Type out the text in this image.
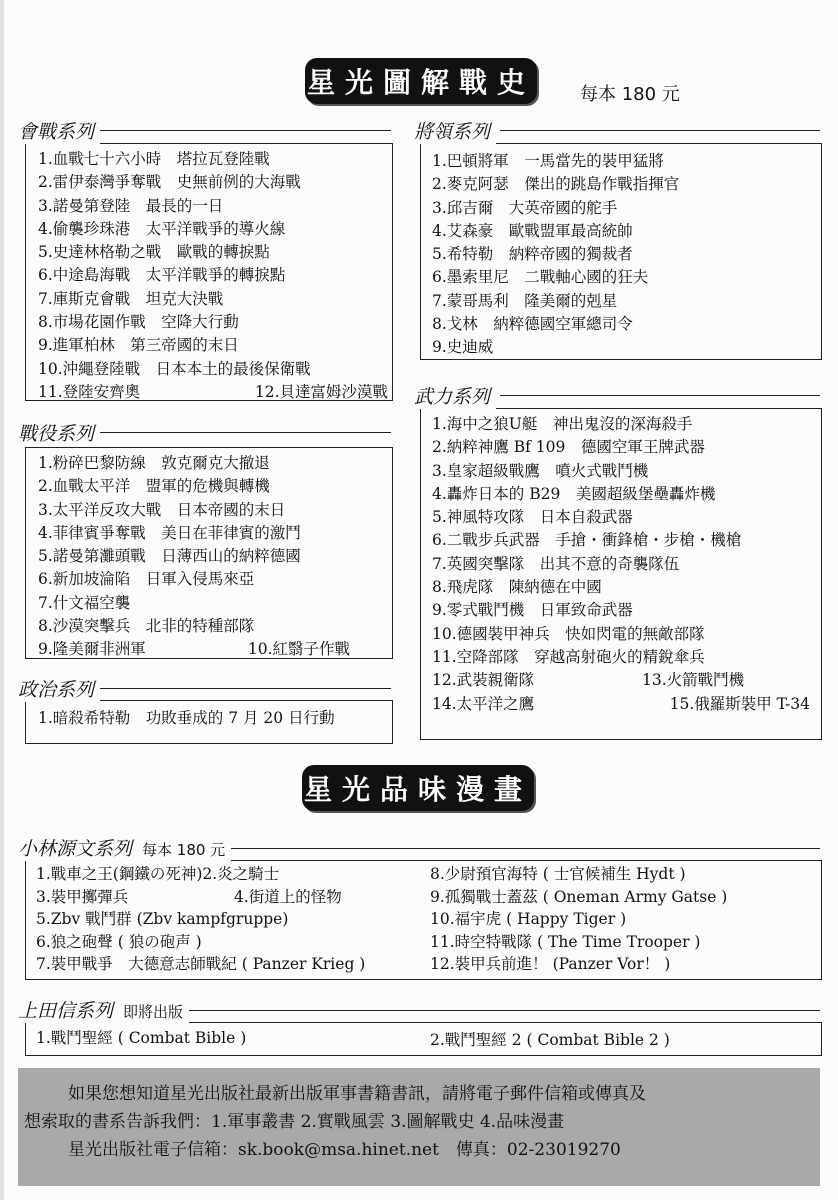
星光圖解戰史	每本 180 元
會戰系列
1.血戰七十六小時　塔拉瓦登陸戰
2.雷伊泰灣爭奪戰　史無前例的大海戰
3.諾曼第登陸　最長的一日
4.偷襲珍珠港　太平洋戰爭的導火線
5.史達林格勒之戰　歐戰的轉捩點
6.中途島海戰　太平洋戰爭的轉捩點
7.庫斯克會戰　坦克大決戰
8.市場花園作戰　空降大行動
9.進軍柏林　第三帝國的末日
10.沖繩登陸戰　日本本土的最後保衛戰
11.登陸安齊奧	12.貝達富姆沙漠戰
戰役系列
1.粉碎巴黎防線　敦克爾克大撤退
2.血戰太平洋　盟軍的危機與轉機
3.太平洋反攻大戰　日本帝國的末日
4.菲律賓爭奪戰　美日在菲律賓的激鬥
5.諾曼第灘頭戰　日薄西山的納粹德國
6.新加坡淪陷　日軍入侵馬來亞
7.什文福空襲
8.沙漠突擊兵　北非的特種部隊
9.隆美爾非洲軍	10.紅翳子作戰
政治系列
1.暗殺希特勒　功敗垂成的 7 月 20 日行動
將領系列
1.巴頓將軍　一馬當先的裝甲猛將
2.麥克阿瑟　傑出的跳島作戰指揮官
3.邱吉爾　大英帝國的舵手
4.艾森豪　歐戰盟軍最高統帥
5.希特勒　納粹帝國的獨裁者
6.墨索里尼　二戰軸心國的狂夫
7.蒙哥馬利　隆美爾的剋星
8.戈林　納粹德國空軍總司令
9.史迪威
武力系列
1.海中之狼U艇　神出鬼沒的深海殺手
2.納粹神鷹 Bf 109　德國空軍王牌武器
3.皇家超級戰鷹　噴火式戰鬥機
4.轟炸日本的 B29　美國超級堡壘轟炸機
5.神風特攻隊　日本自殺武器
6.二戰步兵武器　手搶・衝鋒槍・步槍・機槍
7.英國突擊隊　出其不意的奇襲隊伍
8.飛虎隊　陳納德在中國
9.零式戰鬥機　日軍致命武器
10.德國裝甲神兵　快如閃電的無敵部隊
11.空降部隊　穿越高射砲火的精銳傘兵
12.武裝親衛隊	13.火箭戰鬥機
14.太平洋之鷹	15.俄羅斯裝甲 T-34
星光品味漫畫
小林源文系列 每本 180 元
1.戰車之王(鋼鐵の死神)2.炎之騎士
3.裝甲擲彈兵	4.街道上的怪物
5.Zbv 戰鬥群 (Zbv kampfgruppe)
6.狼之砲聲 ( 狼の砲声 )
7.裝甲戰爭　大德意志師戰紀 ( Panzer Krieg )
8.少尉預官海特 ( 士官候補生 Hydt )
9.孤獨戰士蓋茲 ( Oneman Army Gatse )
10.福宇虎 ( Happy Tiger )
11.時空特戰隊 ( The Time Trooper )
12.裝甲兵前進！ (Panzer Vor！ )
上田信系列 即將出版
1.戰鬥聖經 ( Combat Bible )	2.戰鬥聖經 2 ( Combat Bible 2 )
如果您想知道星光出版社最新出版軍事書籍書訊，請將電子郵件信箱或傳真及
想索取的書系告訴我們：1.軍事叢書 2.實戰風雲 3.圖解戰史 4.品味漫畫
星光出版社電子信箱：sk.book@msa.hinet.net　傳真：02-23019270
